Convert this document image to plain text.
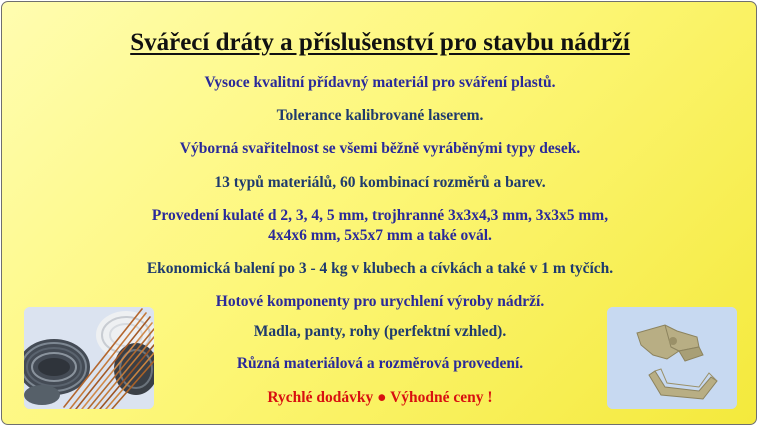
Svářecí dráty a příslušenství pro stavbu nádrží

Vysoce kvalitní přídavný materiál pro sváření plastů.

Tolerance kalibrované laserem.

Výborná svařitelnost se všemi běžně vyráběnými typy desek.

13 typů materiálů, 60 kombinací rozměrů a barev.

Provedení kulaté d 2, 3, 4, 5 mm, trojhranné 3x3x4,3 mm, 3x3x5 mm,

4x4x6 mm, 5x5x7 mm a také ovál.

Ekonomická balení po 3 - 4 kg v klubech a cívkách a také v 1 m tyčích.

Hotové komponenty pro urychlení výroby nádrží.

Madla, panty, rohy (perfektní vzhled).

Různá materiálová a rozměrová provedení.

Rychlé dodávky ● Výhodné ceny !
